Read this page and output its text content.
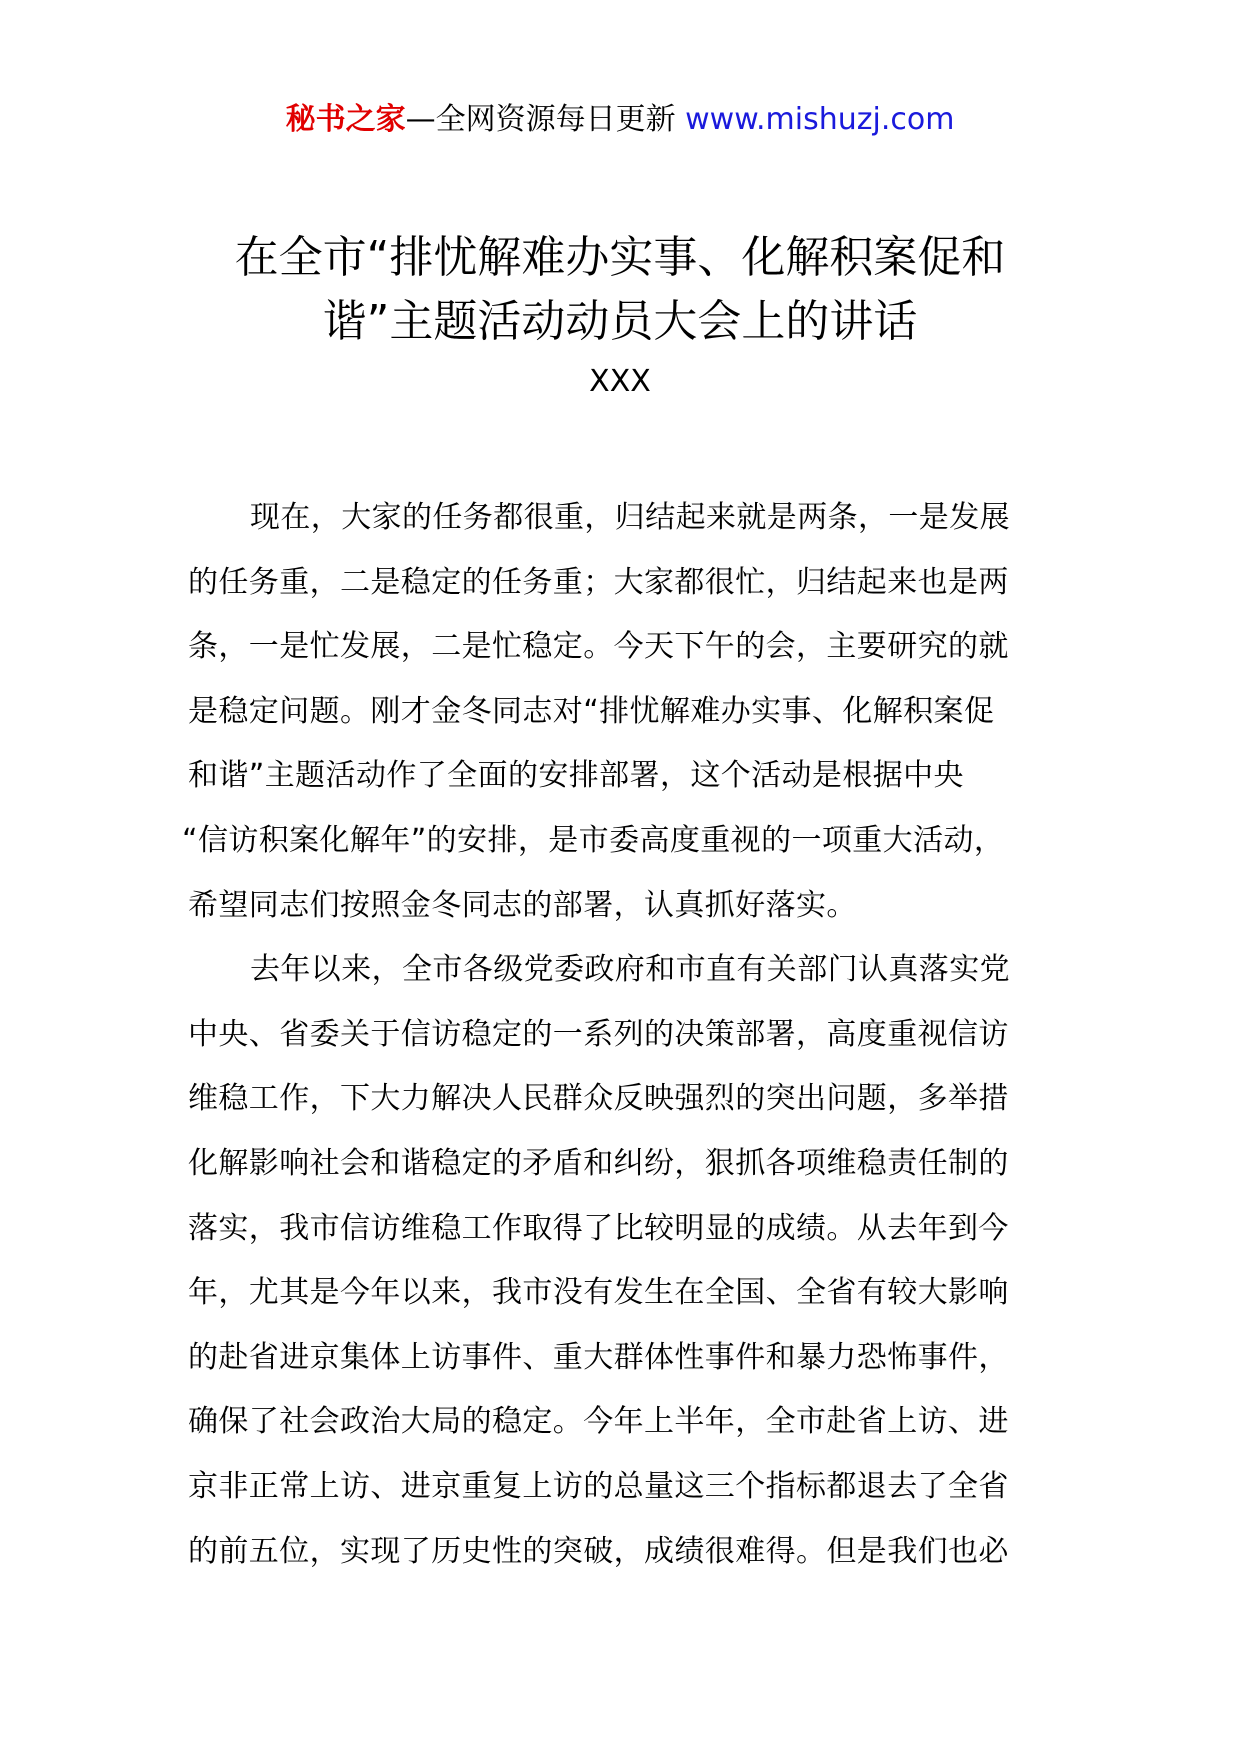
秘书之家—全网资源每日更新 www.mishuzj.com
在全市“排忧解难办实事、化解积案促和
谐”主题活动动员大会上的讲话
XXX
现在，大家的任务都很重，归结起来就是两条，一是发展
的任务重，二是稳定的任务重；大家都很忙，归结起来也是两
条，一是忙发展，二是忙稳定。今天下午的会，主要研究的就
是稳定问题。刚才金冬同志对“排忧解难办实事、化解积案促
和谐”主题活动作了全面的安排部署，这个活动是根据中央
“信访积案化解年”的安排，是市委高度重视的一项重大活动，
希望同志们按照金冬同志的部署，认真抓好落实。
去年以来，全市各级党委政府和市直有关部门认真落实党
中央、省委关于信访稳定的一系列的决策部署，高度重视信访
维稳工作，下大力解决人民群众反映强烈的突出问题，多举措
化解影响社会和谐稳定的矛盾和纠纷，狠抓各项维稳责任制的
落实，我市信访维稳工作取得了比较明显的成绩。从去年到今
年，尤其是今年以来，我市没有发生在全国、全省有较大影响
的赴省进京集体上访事件、重大群体性事件和暴力恐怖事件，
确保了社会政治大局的稳定。今年上半年，全市赴省上访、进
京非正常上访、进京重复上访的总量这三个指标都退去了全省
的前五位，实现了历史性的突破，成绩很难得。但是我们也必
